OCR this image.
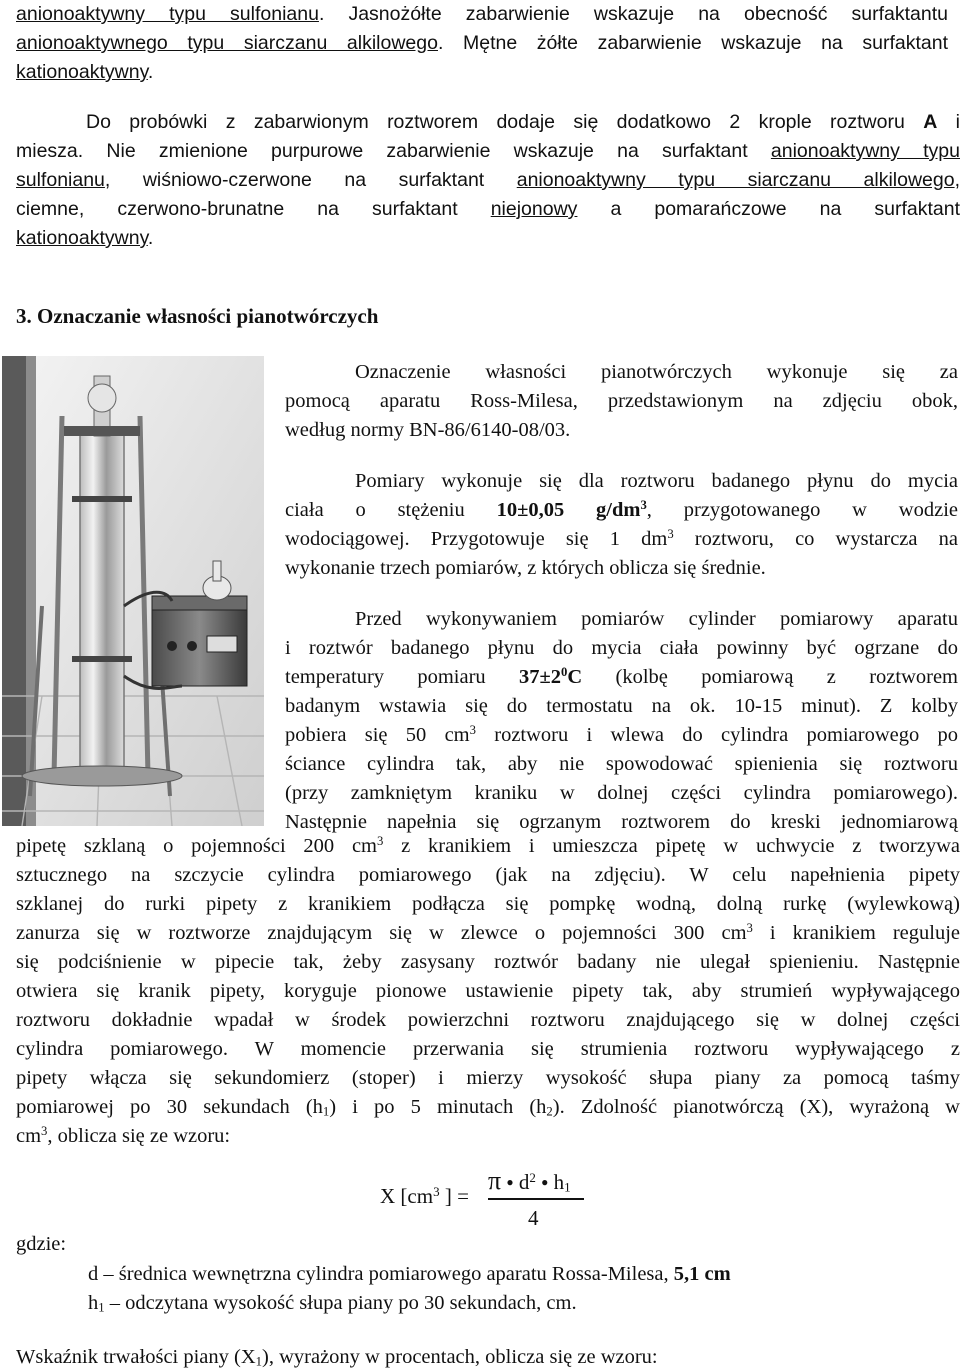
anionoaktywny typu sulfonianu. Jasnożółte zabarwienie wskazuje na obecność surfaktantu
anionoaktywnego typu siarczanu alkilowego. Mętne żółte zabarwienie wskazuje na surfaktant
kationoaktywny.
Do probówki z zabarwionym roztworem dodaje się dodatkowo 2 krople roztworu A i
miesza. Nie zmienione purpurowe zabarwienie wskazuje na surfaktant anionoaktywny typu
sulfonianu, wiśniowo-czerwone na surfaktant anionoaktywny typu siarczanu alkilowego,
ciemne, czerwono-brunatne na surfaktant niejonowy a pomarańczowe na surfaktant
kationoaktywny.
3. Oznaczanie własności pianotwórczych
Oznaczenie własności pianotwórczych wykonuje się za
pomocą aparatu Ross-Milesa, przedstawionym na zdjęciu obok,
według normy BN-86/6140-08/03.
Pomiary wykonuje się dla roztworu badanego płynu do mycia
ciała o stężeniu 10±0,05 $g/dm^3$, przygotowanego w wodzie
wodociągowej. Przygotowuje się 1 $dm^3$ roztworu, co wystarcza na
wykonanie trzech pomiarów, z których oblicza się średnie.
Przed wykonywaniem pomiarów cylinder pomiarowy aparatu
i roztwór badanego płynu do mycia ciała powinny być ogrzane do
temperatury pomiaru $37\pm 2^0C$ (kolbę pomiarową z roztworem
badanym wstawia się do termostatu na ok. 10-15 minut). Z kolby
pobiera się 50 $cm^3$ roztworu i wlewa do cylindra pomiarowego po
ściance cylindra tak, aby nie spowodować spienienia się roztworu
(przy zamkniętym kraniku w dolnej części cylindra pomiarowego).
Następnie napełnia się ogrzanym roztworem do kreski jednomiarową
pipetę szklaną o pojemności 200 $cm^3$ z kranikiem i umieszcza pipetę w uchwycie z tworzywa
sztucznego na szczycie cylindra pomiarowego (jak na zdjęciu). W celu napełnienia pipety
szklanej do rurki pipety z kranikiem podłącza się pompkę wodną, dolną rurkę (wylewkową)
zanurza się w roztworze znajdującym się w zlewce o pojemności 300 $cm^3$ i kranikiem reguluje
się podciśnienie w pipecie tak, żeby zasysany roztwór badany nie ulegał spienieniu. Następnie
otwiera się kranik pipety, koryguje pionowe ustawienie pipety tak, aby strumień wypływającego
roztworu dokładnie wpadał w środek powierzchni roztworu znajdującego się w dolnej części
cylindra pomiarowego. W momencie przerwania się strumienia roztworu wypływającego z
pipety włącza się sekundomierz (stoper) i mierzy wysokość słupa piany za pomocą taśmy
pomiarowej po 30 sekundach $(h_1)$ i po 5 minutach $(h_2)$. Zdolność pianotwórczą (X), wyrażoną w
$cm^3$, oblicza się ze wzoru:
X [$cm^3$ ] =
π ● $d^2$ ● $h_1$
4
gdzie:
d – średnica wewnętrzna cylindra pomiarowego aparatu Rossa-Milesa, 5,1 cm
$h_1$ – odczytana wysokość słupa piany po 30 sekundach, cm.
Wskaźnik trwałości piany $(X_1)$, wyrażony w procentach, oblicza się ze wzoru:
